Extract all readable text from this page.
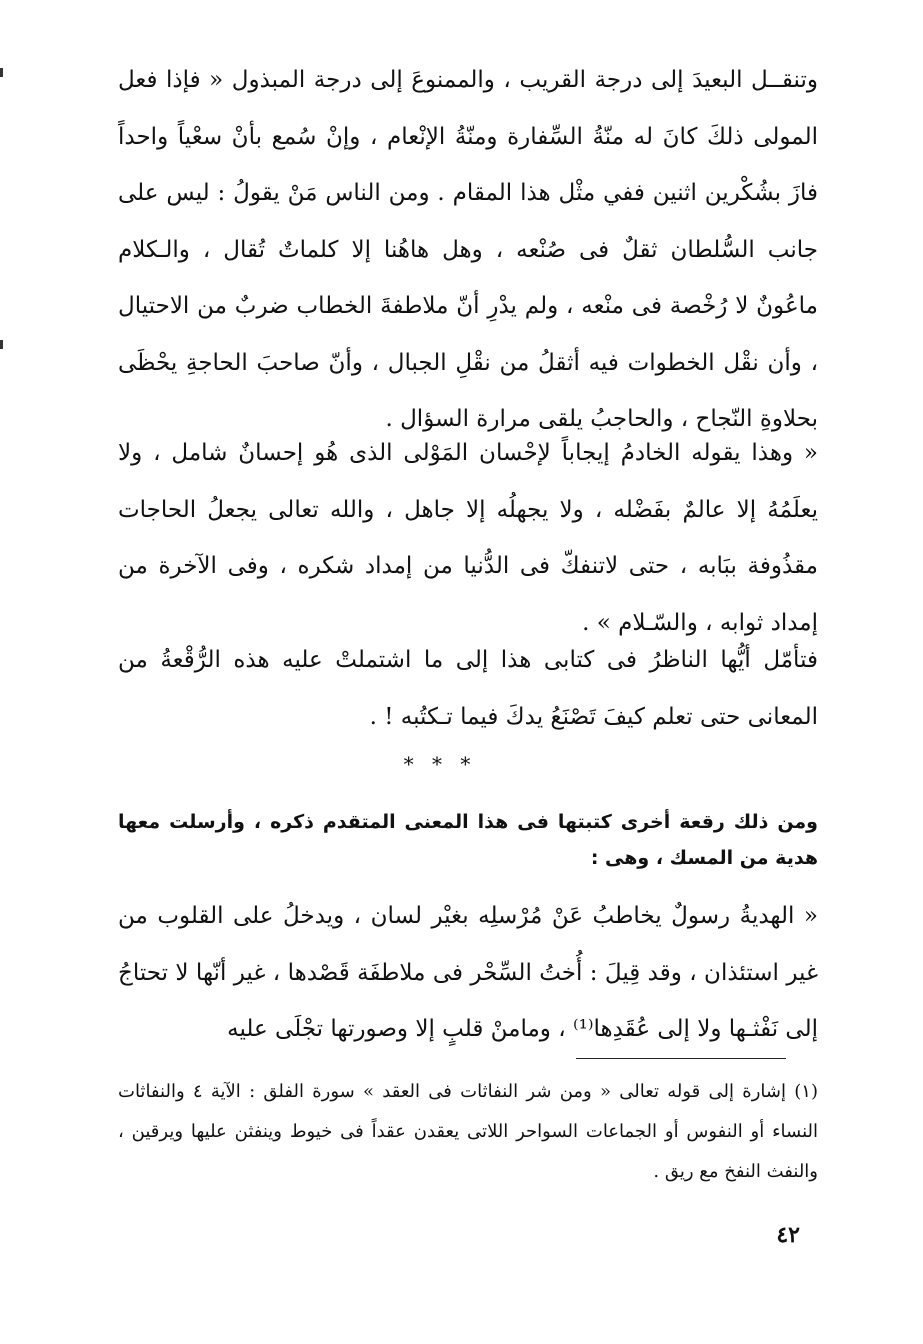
وتنقــل البعيدَ إلى درجة القريب ، والممنوعَ إلى درجة المبذول « فإذا فعل المولى ذلكَ كانَ له منّةُ السِّفارة ومنّةُ الإنْعام ، وإنْ سُمع بأنْ سعْياً واحداً فازَ بشُكْرين اثنين ففي مثْل هذا المقام . ومن الناس مَنْ يقولُ : ليس على جانب السُّلطان ثقلٌ فى صُنْعه ، وهل هاهُنا إلا كلماتٌ تُقال ، والـكلام ماعُونٌ لا رُخْصة فى منْعه ، ولم يدْرِ أنّ ملاطفةَ الخطاب ضربٌ من الاحتيال ، وأن نقْل الخطوات فيه أثقلُ من نقْلِ الجبال ، وأنّ صاحبَ الحاجةِ يحْظَى بحلاوةِ النّجاح ، والحاجبُ يلقى مرارة السؤال .

« وهذا يقوله الخادمُ إيجاباً لإحْسان المَوْلى الذى هُو إحسانٌ شامل ، ولا يعلَمُهُ إلا عالمٌ بفَضْله ، ولا يجهلُه إلا جاهل ، والله تعالى يجعلُ الحاجات مقذُوفة ببَابه ، حتى لاتنفكّ فى الدُّنيا من إمداد شكره ، وفى الآخرة من إمداد ثوابه ، والسّـلام » .

فتأمّل أيُّها الناظرُ فى كتابى هذا إلى ما اشتملتْ عليه هذه الرُّقْعةُ من المعانى حتى تعلم كيفَ تَصْنَعُ يدكَ فيما تـكتُبه ! .

* * *

ومن ذلك رقعة أخرى كتبتها فى هذا المعنى المتقدم ذكره ، وأرسلت معها هدية من المسك ، وهى :

« الهديةُ رسولٌ يخاطبُ عَنْ مُرْسلِه بغيْر لسان ، ويدخلُ على القلوب من غير استئذان ، وقد قِيلَ : أُختُ السِّحْر فى ملاطفَة قَصْدها ، غير أنّها لا تحتاجُ إلى نَفْثـها ولا إلى عُقَدِها⁽¹⁾ ، ومامنْ قلبٍ إلا وصورتها تجْلَى عليه

(١) إشارة إلى قوله تعالى « ومن شر النفاثات فى العقد » سورة الفلق : الآية ٤ والنفاثات النساء أو النفوس أو الجماعات السواحر اللاتى يعقدن عقداً فى خيوط وينفثن عليها ويرقين ، والنفث النفخ مع ريق .

٤٢
